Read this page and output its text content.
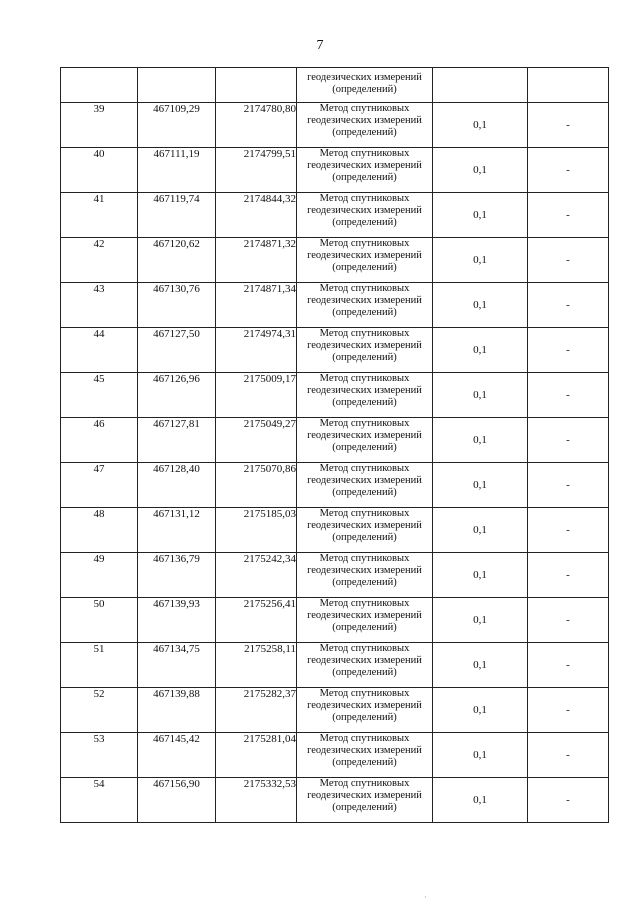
7
			геодезических измерений (определений)		
39	467109,29	2174780,80	Метод спутниковых геодезических измерений (определений)	0,1	-
40	467111,19	2174799,51	Метод спутниковых геодезических измерений (определений)	0,1	-
41	467119,74	2174844,32	Метод спутниковых геодезических измерений (определений)	0,1	-
42	467120,62	2174871,32	Метод спутниковых геодезических измерений (определений)	0,1	-
43	467130,76	2174871,34	Метод спутниковых геодезических измерений (определений)	0,1	-
44	467127,50	2174974,31	Метод спутниковых геодезических измерений (определений)	0,1	-
45	467126,96	2175009,17	Метод спутниковых геодезических измерений (определений)	0,1	-
46	467127,81	2175049,27	Метод спутниковых геодезических измерений (определений)	0,1	-
47	467128,40	2175070,86	Метод спутниковых геодезических измерений (определений)	0,1	-
48	467131,12	2175185,03	Метод спутниковых геодезических измерений (определений)	0,1	-
49	467136,79	2175242,34	Метод спутниковых геодезических измерений (определений)	0,1	-
50	467139,93	2175256,41	Метод спутниковых геодезических измерений (определений)	0,1	-
51	467134,75	2175258,11	Метод спутниковых геодезических измерений (определений)	0,1	-
52	467139,88	2175282,37	Метод спутниковых геодезических измерений (определений)	0,1	-
53	467145,42	2175281,04	Метод спутниковых геодезических измерений (определений)	0,1	-
54	467156,90	2175332,53	Метод спутниковых геодезических измерений (определений)	0,1	-
·
